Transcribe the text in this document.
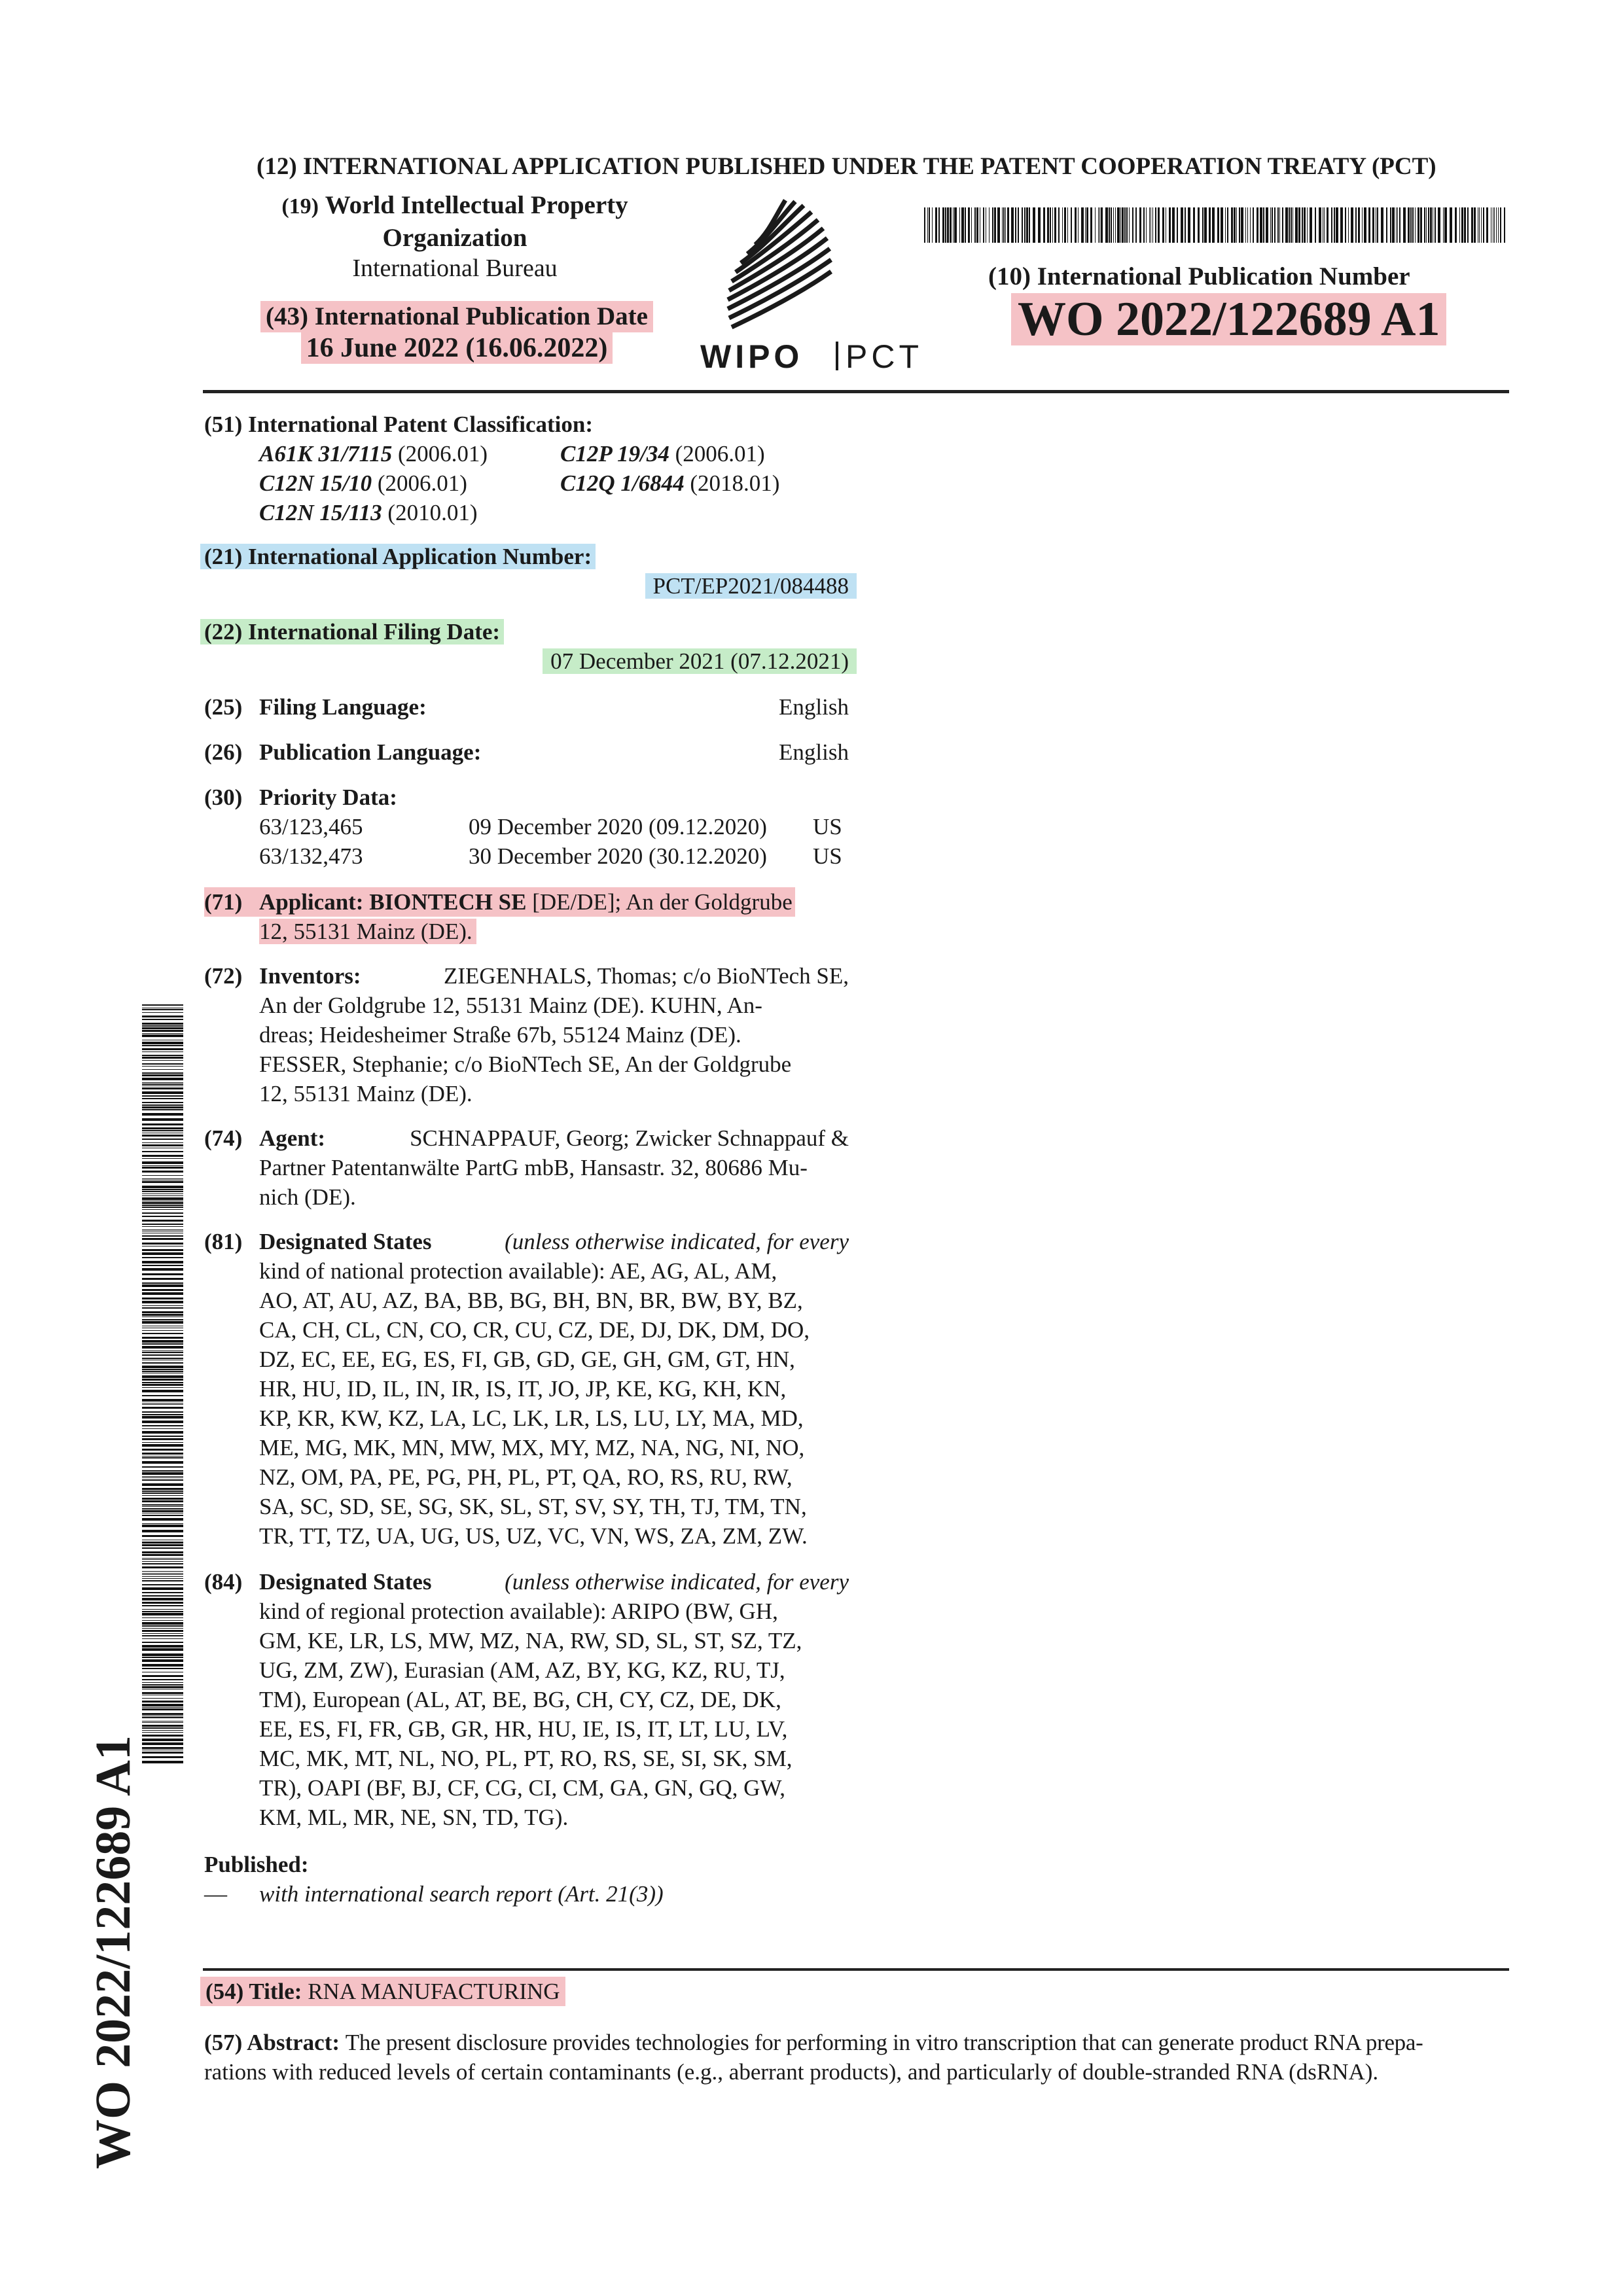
(12) INTERNATIONAL APPLICATION PUBLISHED UNDER THE PATENT COOPERATION TREATY (PCT)
(19) World Intellectual Property
Organization
International Bureau
(43) International Publication Date
16 June 2022 (16.06.2022)	WIPO PCT
(10) International Publication Number
WO 2022/122689 A1
(51) International Patent Classification:
A61K 31/7115 (2006.01)	C12P 19/34 (2006.01)
C12N 15/10 (2006.01)	C12Q 1/6844 (2018.01)
C12N 15/113 (2010.01)
(21) International Application Number:
PCT/EP2021/084488
(22) International Filing Date:
07 December 2021 (07.12.2021)
(25) Filing Language:	English
(26) Publication Language:	English
(30) Priority Data:
63/123,465	09 December 2020 (09.12.2020)	US
63/132,473	30 December 2020 (30.12.2020)	US
(71) Applicant: BIONTECH SE [DE/DE]; An der Goldgrube
12, 55131 Mainz (DE).
(72) Inventors:	ZIEGENHALS, Thomas; c/o BioNTech SE,
An der Goldgrube 12, 55131 Mainz (DE). KUHN, An-
dreas; Heidesheimer Straße 67b, 55124 Mainz (DE).
FESSER, Stephanie; c/o BioNTech SE, An der Goldgrube
12, 55131 Mainz (DE).
(74) Agent:	SCHNAPPAUF, Georg; Zwicker Schnappauf &
Partner Patentanwälte PartG mbB, Hansastr. 32, 80686 Mu-
nich (DE).
(81) Designated States	(unless otherwise indicated, for every
kind of national protection available): AE, AG, AL, AM,
AO, AT, AU, AZ, BA, BB, BG, BH, BN, BR, BW, BY, BZ,
CA, CH, CL, CN, CO, CR, CU, CZ, DE, DJ, DK, DM, DO,
DZ, EC, EE, EG, ES, FI, GB, GD, GE, GH, GM, GT, HN,
HR, HU, ID, IL, IN, IR, IS, IT, JO, JP, KE, KG, KH, KN,
KP, KR, KW, KZ, LA, LC, LK, LR, LS, LU, LY, MA, MD,
ME, MG, MK, MN, MW, MX, MY, MZ, NA, NG, NI, NO,
NZ, OM, PA, PE, PG, PH, PL, PT, QA, RO, RS, RU, RW,
SA, SC, SD, SE, SG, SK, SL, ST, SV, SY, TH, TJ, TM, TN,
TR, TT, TZ, UA, UG, US, UZ, VC, VN, WS, ZA, ZM, ZW.
(84) Designated States	(unless otherwise indicated, for every
kind of regional protection available): ARIPO (BW, GH,
GM, KE, LR, LS, MW, MZ, NA, RW, SD, SL, ST, SZ, TZ,
UG, ZM, ZW), Eurasian (AM, AZ, BY, KG, KZ, RU, TJ,
TM), European (AL, AT, BE, BG, CH, CY, CZ, DE, DK,
EE, ES, FI, FR, GB, GR, HR, HU, IE, IS, IT, LT, LU, LV,
MC, MK, MT, NL, NO, PL, PT, RO, RS, SE, SI, SK, SM,
TR), OAPI (BF, BJ, CF, CG, CI, CM, GA, GN, GQ, GW,
KM, ML, MR, NE, SN, TD, TG).
Published:
—	with international search report (Art. 21(3))
(54) Title: RNA MANUFACTURING
(57) Abstract: The present disclosure provides technologies for performing in vitro transcription that can generate product RNA prepa-
rations with reduced levels of certain contaminants (e.g., aberrant products), and particularly of double-stranded RNA (dsRNA).
WO 2022/122689 A1
